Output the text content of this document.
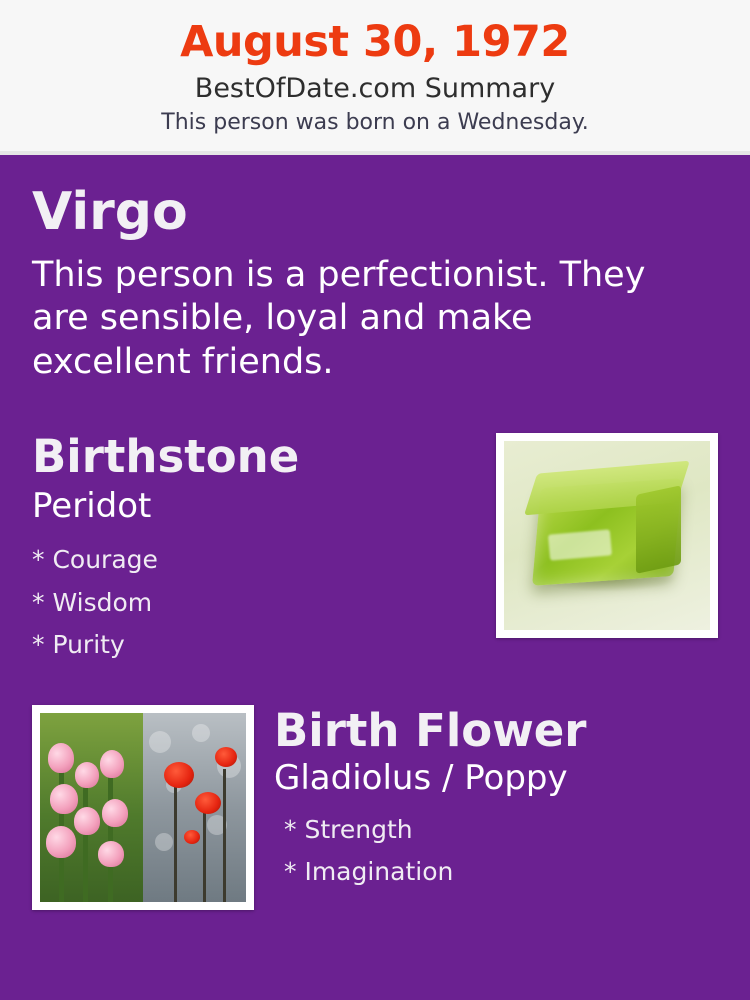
August 30, 1972
BestOfDate.com Summary
This person was born on a Wednesday.
Virgo
This person is a perfectionist. They are sensible, loyal and make excellent friends.
Birthstone
Peridot
* Courage
* Wisdom
* Purity
Birth Flower
Gladiolus / Poppy
* Strength
* Imagination
